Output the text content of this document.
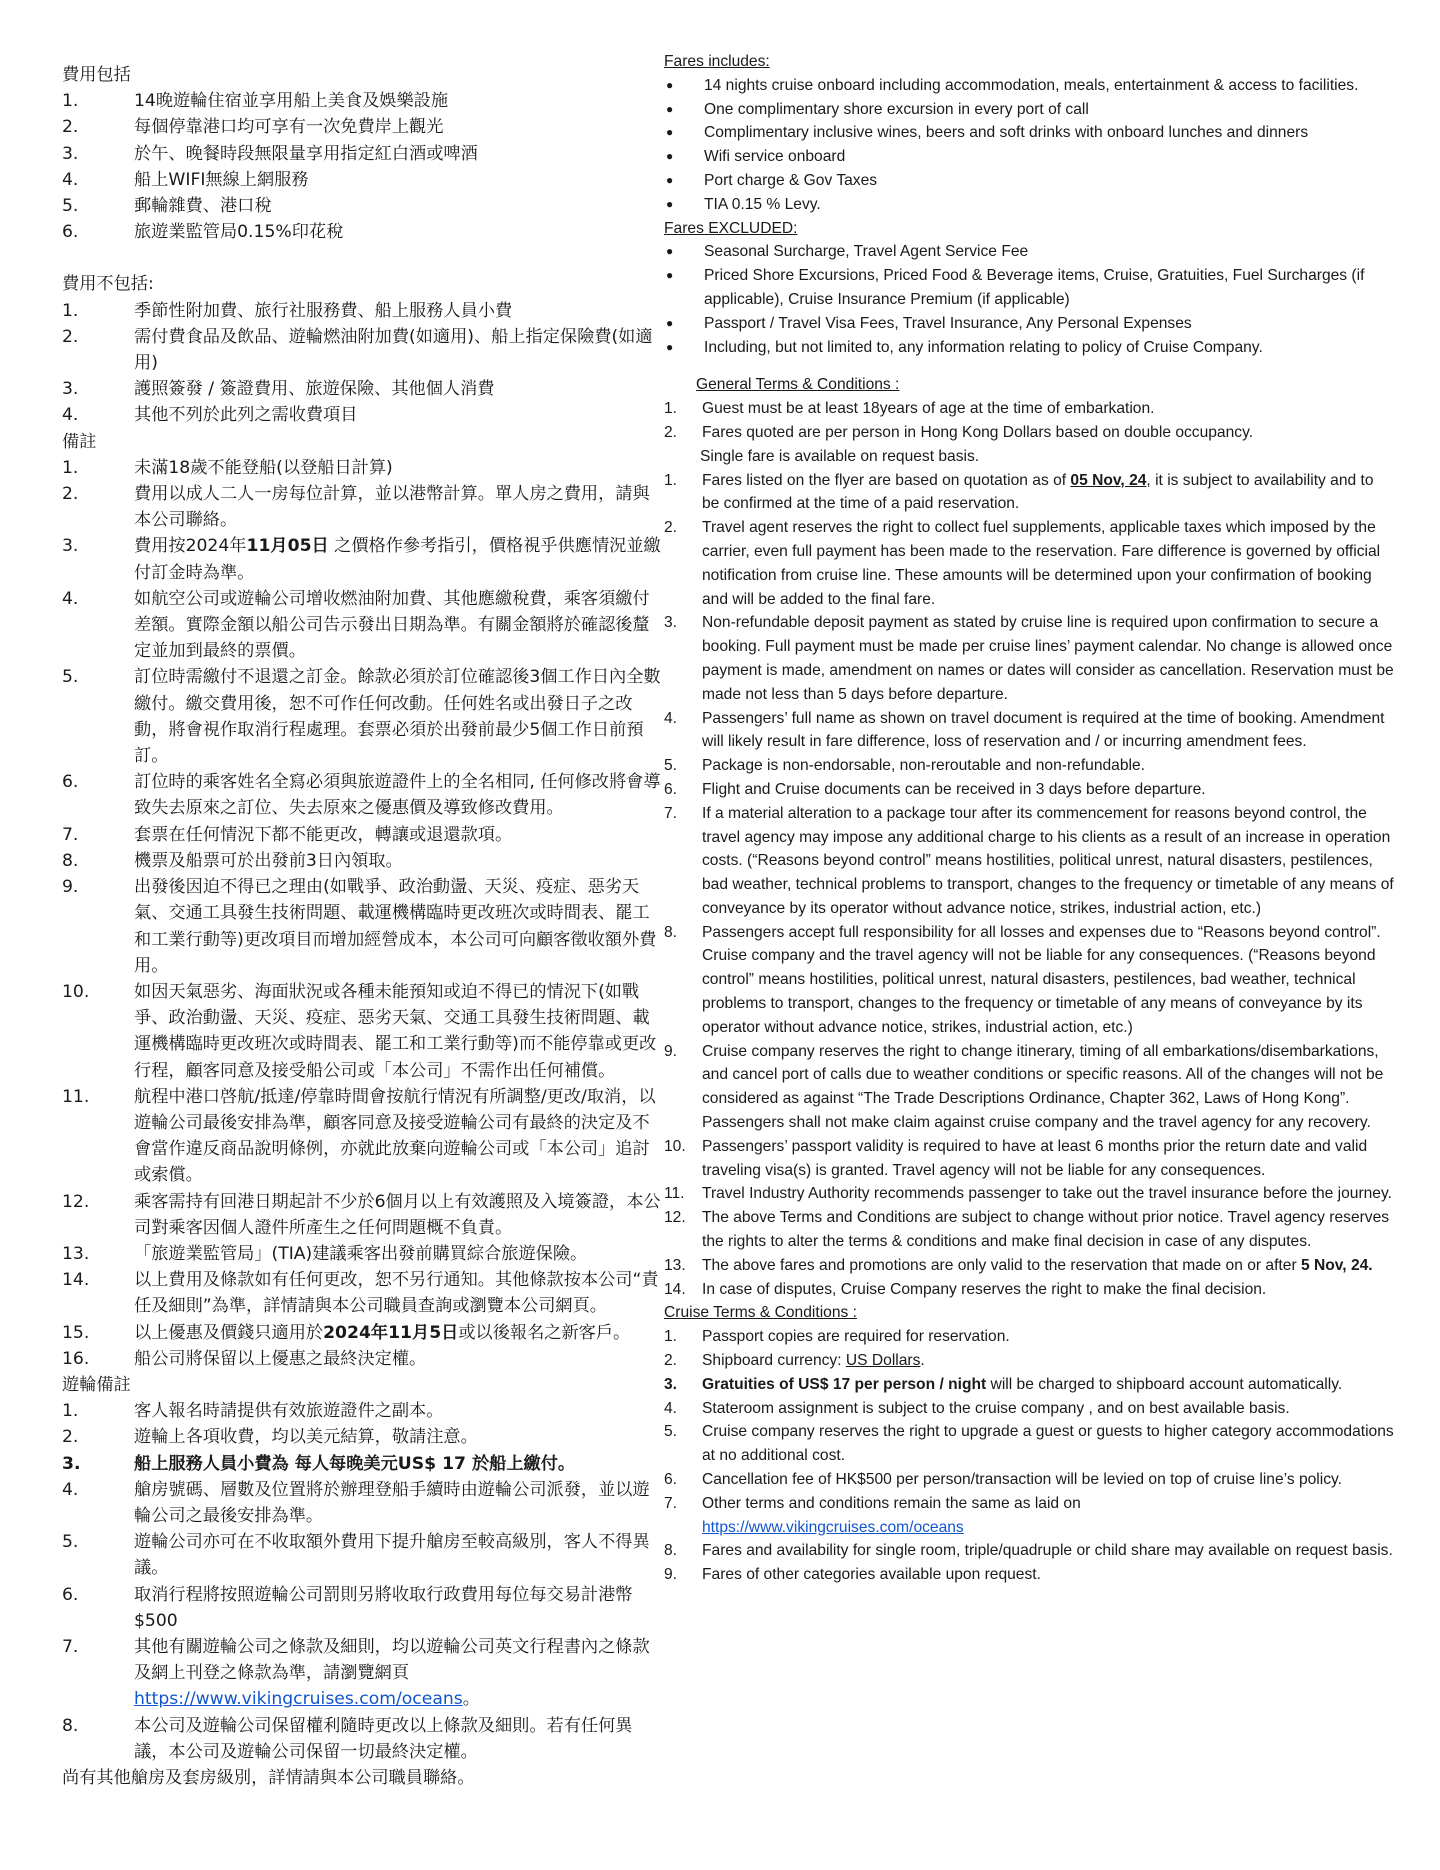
費用包括
1.	14晚遊輪住宿並享用船上美食及娛樂設施
2.	每個停靠港口均可享有一次免費岸上觀光
3.	於午、晚餐時段無限量享用指定紅白酒或啤酒
4.	船上WIFI無線上網服務
5.	郵輪雜費、港口稅
6.	旅遊業監管局0.15%印花稅
費用不包括:
1.	季節性附加費、旅行社服務費、船上服務人員小費
2.	需付費食品及飲品、遊輪燃油附加費(如適用)、船上指定保險費(如適用)
3.	護照簽發 / 簽證費用、旅遊保險、其他個人消費
4.	其他不列於此列之需收費項目
備註
1.	未滿18歲不能登船(以登船日計算)
2.	費用以成人二人一房每位計算，並以港幣計算。單人房之費用，請與本公司聯絡。
3.	費用按2024年11月05日 之價格作參考指引，價格視乎供應情況並繳付訂金時為準。
4.	如航空公司或遊輪公司增收燃油附加費、其他應繳稅費，乘客須繳付差額。實際金額以船公司告示發出日期為準。有關金額將於確認後釐定並加到最終的票價。
5.	訂位時需繳付不退還之訂金。餘款必須於訂位確認後3個工作日內全數繳付。繳交費用後，恕不可作任何改動。任何姓名或出發日子之改動，將會視作取消行程處理。套票必須於出發前最少5個工作日前預訂。
6.	訂位時的乘客姓名全寫必須與旅遊證件上的全名相同, 任何修改將會導致失去原來之訂位、失去原來之優惠價及導致修改費用。
7.	套票在任何情況下都不能更改，轉讓或退還款項。
8.	機票及船票可於出發前3日內領取。
9.	出發後因迫不得已之理由(如戰爭、政治動盪、天災、疫症、惡劣天氣、交通工具發生技術問題、載運機構臨時更改班次或時間表、罷工和工業行動等)更改項目而增加經營成本，本公司可向顧客徵收額外費用。
10.	如因天氣惡劣、海面狀況或各種未能預知或迫不得已的情況下(如戰爭、政治動盪、天災、疫症、惡劣天氣、交通工具發生技術問題、載運機構臨時更改班次或時間表、罷工和工業行動等)而不能停靠或更改行程，顧客同意及接受船公司或「本公司」不需作出任何補償。
11.	航程中港口啓航/抵達/停靠時間會按航行情況有所調整/更改/取消，以遊輪公司最後安排為準，顧客同意及接受遊輪公司有最終的決定及不會當作違反商品說明條例，亦就此放棄向遊輪公司或「本公司」追討或索償。
12.	乘客需持有回港日期起計不少於6個月以上有效護照及入境簽證，本公司對乘客因個人證件所產生之任何問題概不負責。
13.	「旅遊業監管局」(TIA)建議乘客出發前購買綜合旅遊保險。
14.	以上費用及條款如有任何更改，恕不另行通知。其他條款按本公司“責任及細則”為準，詳情請與本公司職員查詢或瀏覽本公司網頁。
15.	以上優惠及價錢只適用於2024年11月5日或以後報名之新客戶。
16.	船公司將保留以上優惠之最終決定權。
遊輪備註
1.	客人報名時請提供有效旅遊證件之副本。
2.	遊輪上各項收費，均以美元結算，敬請注意。
3.	船上服務人員小費為 每人每晚美元US$ 17 於船上繳付。
4.	艙房號碼、層數及位置將於辦理登船手續時由遊輪公司派發，並以遊輪公司之最後安排為準。
5.	遊輪公司亦可在不收取額外費用下提升艙房至較高級別，客人不得異議。
6.	取消行程將按照遊輪公司罰則另將收取行政費用每位每交易計港幣$500
7.	其他有關遊輪公司之條款及細則，均以遊輪公司英文行程書內之條款及網上刊登之條款為準，請瀏覽網頁https://www.vikingcruises.com/oceans。
8.	本公司及遊輪公司保留權利隨時更改以上條款及細則。若有任何異議，本公司及遊輪公司保留一切最終決定權。
尚有其他艙房及套房級別，詳情請與本公司職員聯絡。
Fares includes:
●	14 nights cruise onboard including accommodation, meals, entertainment & access to facilities.
●	One complimentary shore excursion in every port of call
●	Complimentary inclusive wines, beers and soft drinks with onboard lunches and dinners
●	Wifi service onboard
●	Port charge & Gov Taxes
●	TIA 0.15 % Levy.
Fares EXCLUDED:
●	Seasonal Surcharge, Travel Agent Service Fee
●	Priced Shore Excursions, Priced Food & Beverage items, Cruise, Gratuities, Fuel Surcharges (if applicable), Cruise Insurance Premium (if applicable)
●	Passport / Travel Visa Fees, Travel Insurance, Any Personal Expenses
●	Including, but not limited to, any information relating to policy of Cruise Company.
General Terms & Conditions :
1.	Guest must be at least 18years of age at the time of embarkation.
2.	Fares quoted are per person in Hong Kong Dollars based on double occupancy.
Single fare is available on request basis.
1.	Fares listed on the flyer are based on quotation as of 05 Nov, 24, it is subject to availability and to be confirmed at the time of a paid reservation.
2.	Travel agent reserves the right to collect fuel supplements, applicable taxes which imposed by the carrier, even full payment has been made to the reservation. Fare difference is governed by official notification from cruise line. These amounts will be determined upon your confirmation of booking and will be added to the final fare.
3.	Non-refundable deposit payment as stated by cruise line is required upon confirmation to secure a booking. Full payment must be made per cruise lines’ payment calendar. No change is allowed once payment is made, amendment on names or dates will consider as cancellation. Reservation must be made not less than 5 days before departure.
4.	Passengers’ full name as shown on travel document is required at the time of booking. Amendment will likely result in fare difference, loss of reservation and / or incurring amendment fees.
5.	Package is non-endorsable, non-reroutable and non-refundable.
6.	Flight and Cruise documents can be received in 3 days before departure.
7.	If a material alteration to a package tour after its commencement for reasons beyond control, the travel agency may impose any additional charge to his clients as a result of an increase in operation costs. (“Reasons beyond control” means hostilities, political unrest, natural disasters, pestilences, bad weather, technical problems to transport, changes to the frequency or timetable of any means of conveyance by its operator without advance notice, strikes, industrial action, etc.)
8.	Passengers accept full responsibility for all losses and expenses due to “Reasons beyond control”. Cruise company and the travel agency will not be liable for any consequences. (“Reasons beyond control” means hostilities, political unrest, natural disasters, pestilences, bad weather, technical problems to transport, changes to the frequency or timetable of any means of conveyance by its operator without advance notice, strikes, industrial action, etc.)
9.	Cruise company reserves the right to change itinerary, timing of all embarkations/disembarkations, and cancel port of calls due to weather conditions or specific reasons. All of the changes will not be considered as against “The Trade Descriptions Ordinance, Chapter 362, Laws of Hong Kong”. Passengers shall not make claim against cruise company and the travel agency for any recovery.
10.	Passengers’ passport validity is required to have at least 6 months prior the return date and valid traveling visa(s) is granted. Travel agency will not be liable for any consequences.
11.	Travel Industry Authority recommends passenger to take out the travel insurance before the journey.
12.	The above Terms and Conditions are subject to change without prior notice. Travel agency reserves the rights to alter the terms & conditions and make final decision in case of any disputes.
13.	The above fares and promotions are only valid to the reservation that made on or after 5 Nov, 24.
14.	In case of disputes, Cruise Company reserves the right to make the final decision.
Cruise Terms & Conditions :
1.	Passport copies are required for reservation.
2.	Shipboard currency: US Dollars.
3.	Gratuities of US$ 17 per person / night will be charged to shipboard account automatically.
4.	Stateroom assignment is subject to the cruise company , and on best available basis.
5.	Cruise company reserves the right to upgrade a guest or guests to higher category accommodations at no additional cost.
6.	Cancellation fee of HK$500 per person/transaction will be levied on top of cruise line’s policy.
7.	Other terms and conditions remain the same as laid on
https://www.vikingcruises.com/oceans
8.	Fares and availability for single room, triple/quadruple or child share may available on request basis.
9.	Fares of other categories available upon request.
